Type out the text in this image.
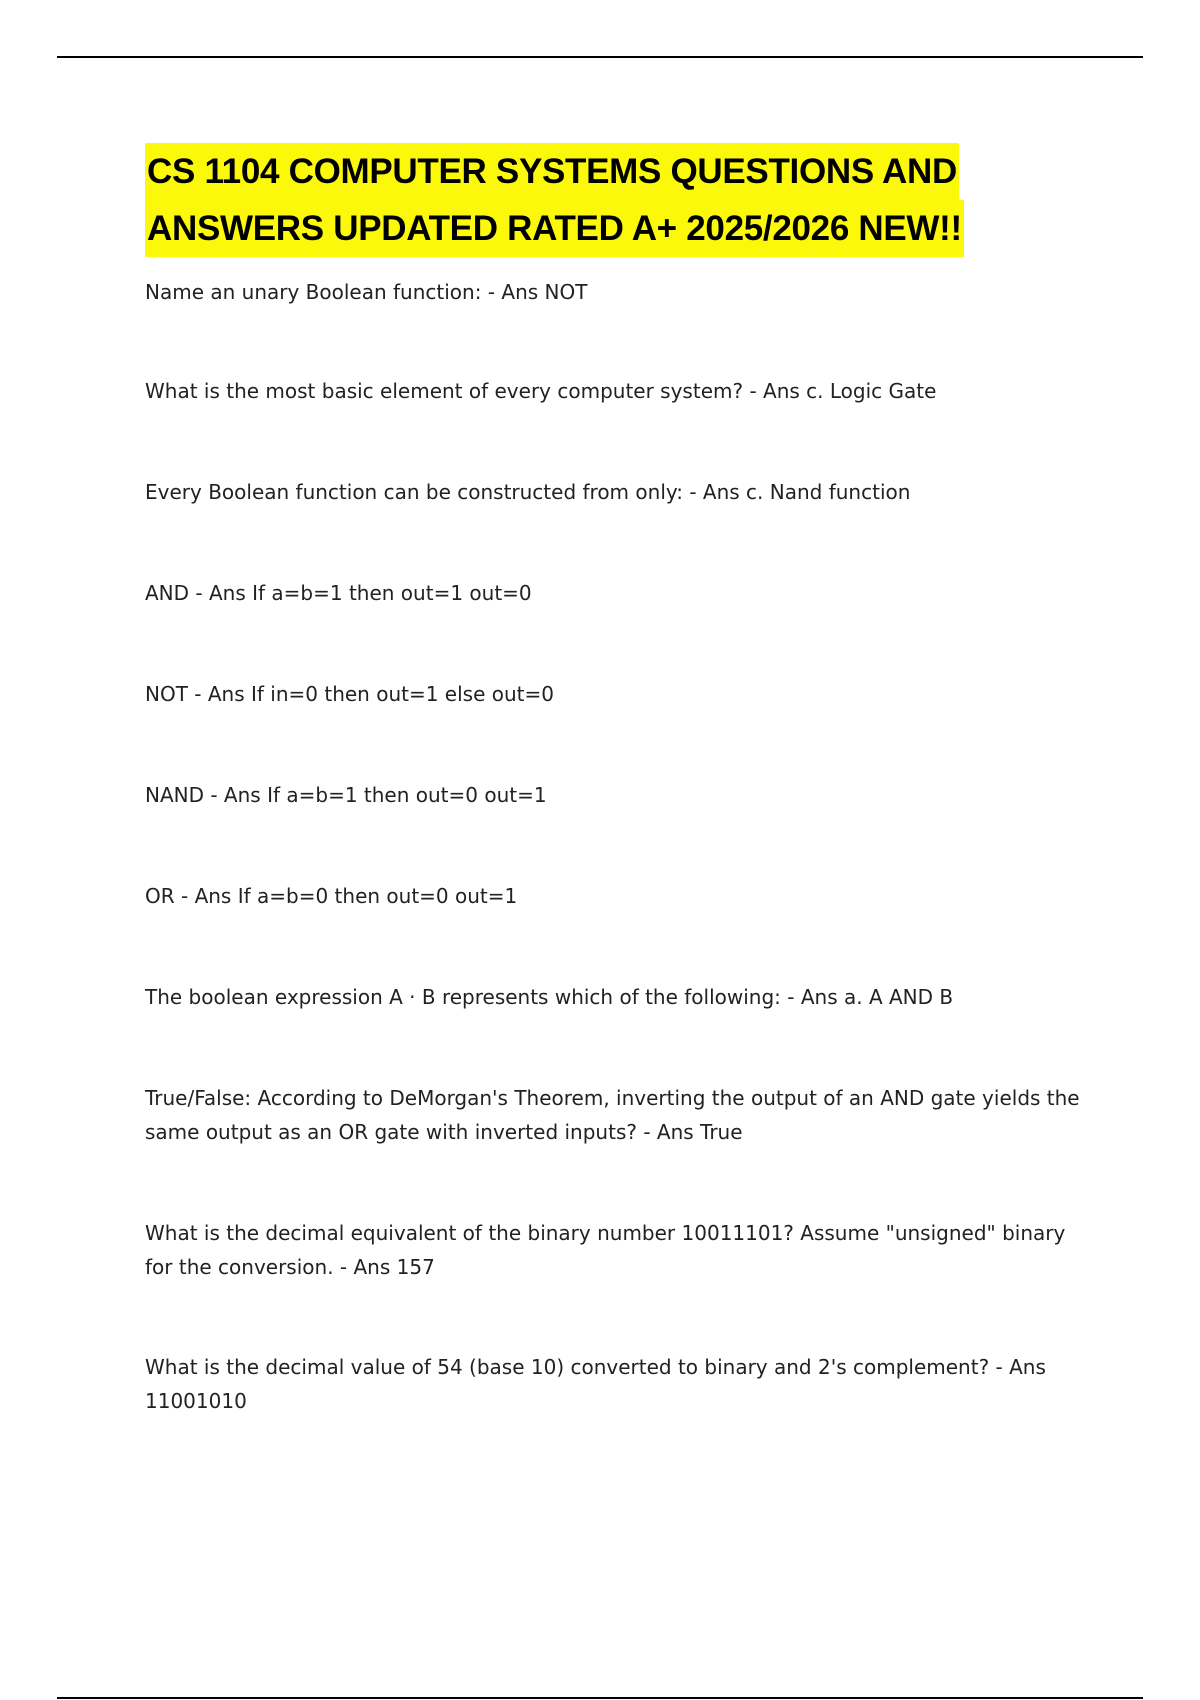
CS 1104 COMPUTER SYSTEMS QUESTIONS AND
ANSWERS UPDATED RATED A+ 2025/2026 NEW!!
Name an unary Boolean function: - Ans NOT
What is the most basic element of every computer system? - Ans c. Logic Gate
Every Boolean function can be constructed from only: - Ans c. Nand function
AND - Ans If a=b=1 then out=1 out=0
NOT - Ans If in=0 then out=1 else out=0
NAND - Ans If a=b=1 then out=0 out=1
OR - Ans If a=b=0 then out=0 out=1
The boolean expression A · B represents which of the following: - Ans a. A AND B
True/False: According to DeMorgan's Theorem, inverting the output of an AND gate yields the same output as an OR gate with inverted inputs? - Ans True
What is the decimal equivalent of the binary number 10011101? Assume "unsigned" binary for the conversion. - Ans 157
What is the decimal value of 54 (base 10) converted to binary and 2's complement? - Ans 11001010
